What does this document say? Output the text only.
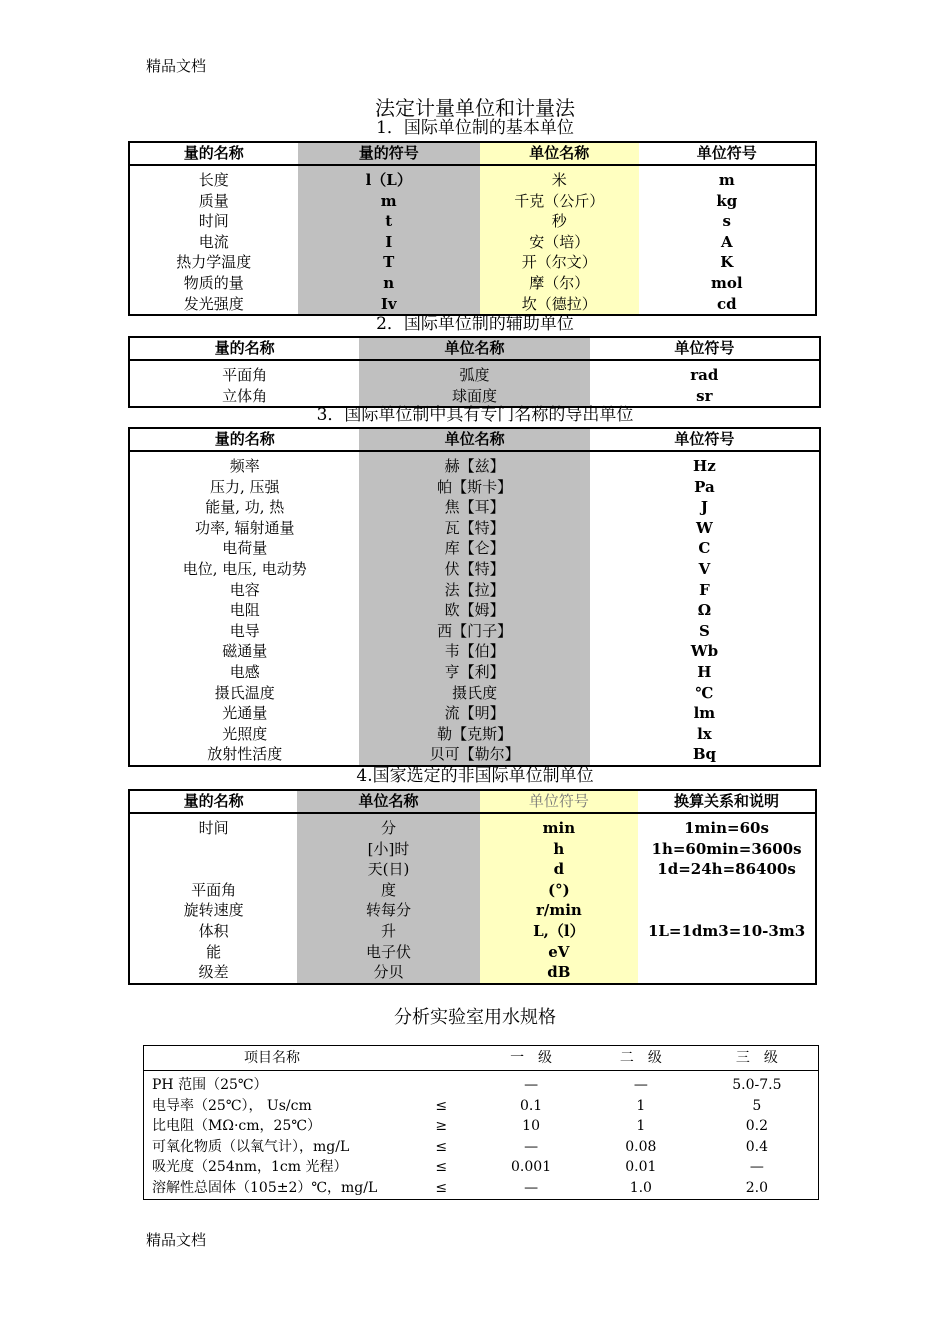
精品文档
法定计量单位和计量法
1．国际单位制的基本单位
量的名称	量的符号	单位名称	单位符号

长度	l（L）	米	m
质量	m	千克（公斤）	kg
时间	t	秒	s
电流	I	安（培）	A
热力学温度	T	开（尔文）	K
物质的量	n	摩（尔）	mol
发光强度	Iv	坎（德拉）	cd
2．国际单位制的辅助单位
量的名称	单位名称	单位符号

平面角	弧度	rad
立体角	球面度	sr
3．国际单位制中具有专门名称的导出单位
量的名称	单位名称	单位符号

频率	赫【兹】	Hz
压力, 压强	帕【斯卡】	Pa
能量, 功, 热	焦【耳】	J
功率, 辐射通量	瓦【特】	W
电荷量	库【仑】	C
电位, 电压, 电动势	伏【特】	V
电容	法【拉】	F
电阻	欧【姆】	Ω
电导	西【门子】	S
磁通量	韦【伯】	Wb
电感	亨【利】	H
摄氏温度	摄氏度	℃
光通量	流【明】	lm
光照度	勒【克斯】	lx
放射性活度	贝可【勒尔】	Bq
4.国家选定的非国际单位制单位
量的名称	单位名称	单位符号	换算关系和说明

时间	分	min	1min=60s
	[小]时	h	1h=60min=3600s
	天(日)	d	1d=24h=86400s
平面角	度	(°)	
旋转速度	转每分	r/min	
体积	升	L,（l）	1L=1dm3=10-3m3
能	电子伏	eV	
级差	分贝	dB	
分析实验室用水规格
项目名称		一　级	二　级	三　级

PH 范围（25℃）		—	—	5.0-7.5
电导率（25℃）， Us/cm	≤	0.1	1	5
比电阻（MΩ·cm，25℃）	≥	10	1	0.2
可氧化物质（以氧气计），mg/L	≤	—	0.08	0.4
吸光度（254nm，1cm 光程）	≤	0.001	0.01	—
溶解性总固体（105±2）℃，mg/L	≤	—	1.0	2.0
精品文档
